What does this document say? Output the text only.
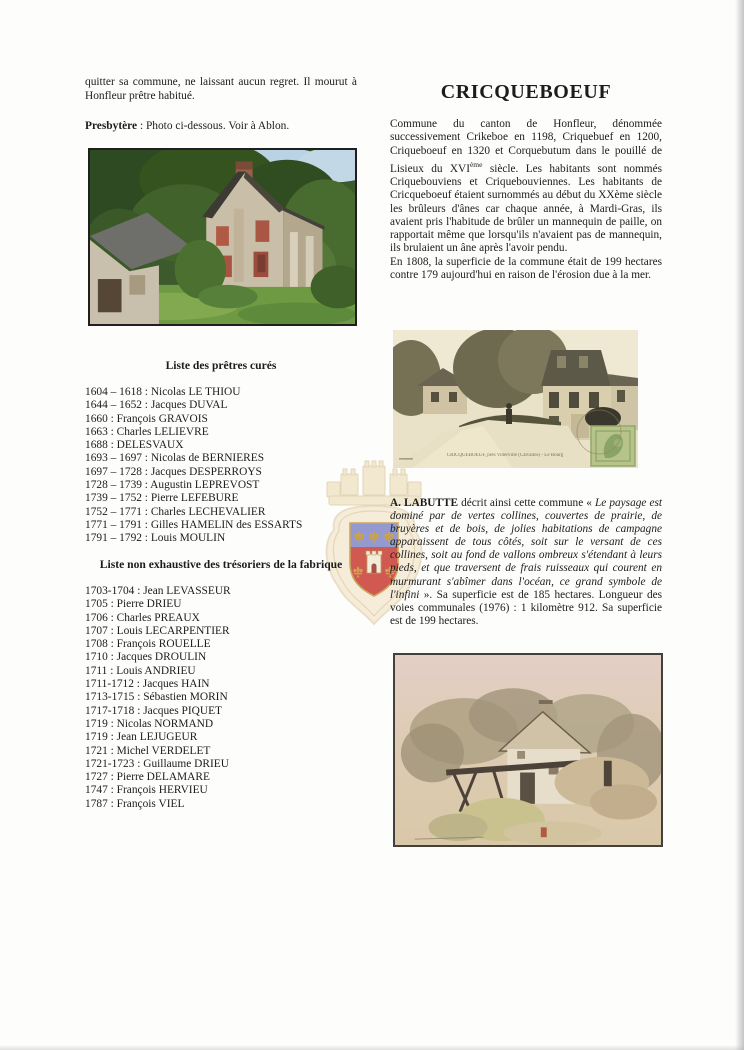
quitter sa commune, ne laissant aucun regret. Il mourut à Honfleur prêtre habitué.
Presbytère : Photo ci-dessous. Voir à Ablon.
Liste des prêtres curés
1604 – 1618 : Nicolas LE THIOU
1644 – 1652 : Jacques DUVAL
1660 : François GRAVOIS
1663 : Charles LELIEVRE
1688 : DELESVAUX
1693 – 1697 : Nicolas de BERNIERES
1697 – 1728 : Jacques DESPERROYS
1728 – 1739 : Augustin LEPREVOST
1739 – 1752 : Pierre LEFEBURE
1752 – 1771 : Charles LECHEVALIER
1771 – 1791 : Gilles HAMELIN des ESSARTS
1791 – 1792 : Louis MOULIN
Liste non exhaustive des trésoriers de la fabrique
1703-1704 : Jean LEVASSEUR
1705 : Pierre DRIEU
1706 : Charles PREAUX
1707 : Louis LECARPENTIER
1708 : François ROUELLE
1710 : Jacques DROULIN
1711 : Louis ANDRIEU
1711-1712 : Jacques HAIN
1713-1715 : Sébastien MORIN
1717-1718 : Jacques PIQUET
1719 : Nicolas NORMAND
1719 : Jean LEJUGEUR
1721 : Michel VERDELET
1721-1723 : Guillaume DRIEU
1727 : Pierre DELAMARE
1747 : François HERVIEU
1787 : François VIEL
CRICQUEBOEUF

Commune du canton de Honfleur, dénommée successivement Crikeboe en 1198, Criquebuef en 1200, Criqueboeuf en 1320 et Corquebutum dans le pouillé de Lisieux du XVIème siècle. Les habitants sont nommés Criquebouviens et Criquebouviennes. Les habitants de Cricqueboeuf étaient surnommés au début du XXème siècle les brûleurs d'ânes car chaque année, à Mardi-Gras, ils avaient pris l'habitude de brûler un mannequin de paille, on rapportait même que lorsqu'ils n'avaient pas de mannequin, ils brulaient un âne après l'avoir pendu.

En 1808, la superficie de la commune était de 199 hectares contre 179 aujourd'hui en raison de l'érosion due à la mer.

CRICQUEBOEUF, près Villerville (Calvados) - Le Bourg
A. LABUTTE décrit ainsi cette commune « Le paysage est dominé par de vertes collines, couvertes de prairie, de bruyères et de bois, de jolies habitations de campagne apparaissent de tous côtés, soit sur le versant de ces collines, soit au fond de vallons ombreux s'étendant à leurs pieds, et que traversent de frais ruisseaux qui courent en murmurant s'abîmer dans l'océan, ce grand symbole de l'infini ». Sa superficie est de 185 hectares. Longueur des voies communales (1976) : 1 kilomètre 912. Sa superficie est de 199 hectares.
